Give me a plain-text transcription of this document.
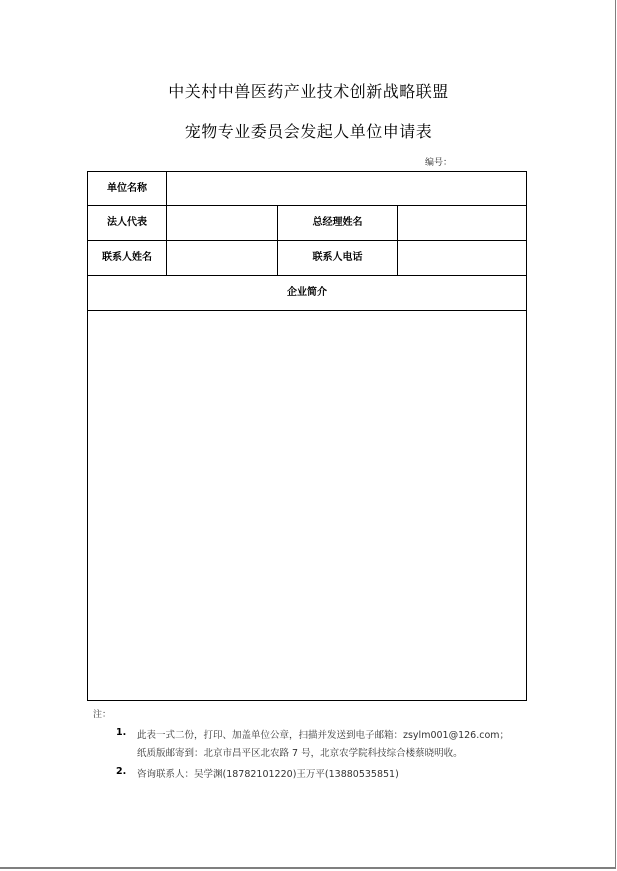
中关村中兽医药产业技术创新战略联盟
宠物专业委员会发起人单位申请表
编号：
单位名称
法人代表	总经理姓名
联系人姓名	联系人电话
企业简介
注：
1. 此表一式二份，打印、加盖单位公章，扫描并发送到电子邮箱：zsylm001@126.com；
纸质版邮寄到：北京市昌平区北农路 7 号，北京农学院科技综合楼蔡晓明收。
2. 咨询联系人：吴学渊(18782101220)王万平(13880535851)
